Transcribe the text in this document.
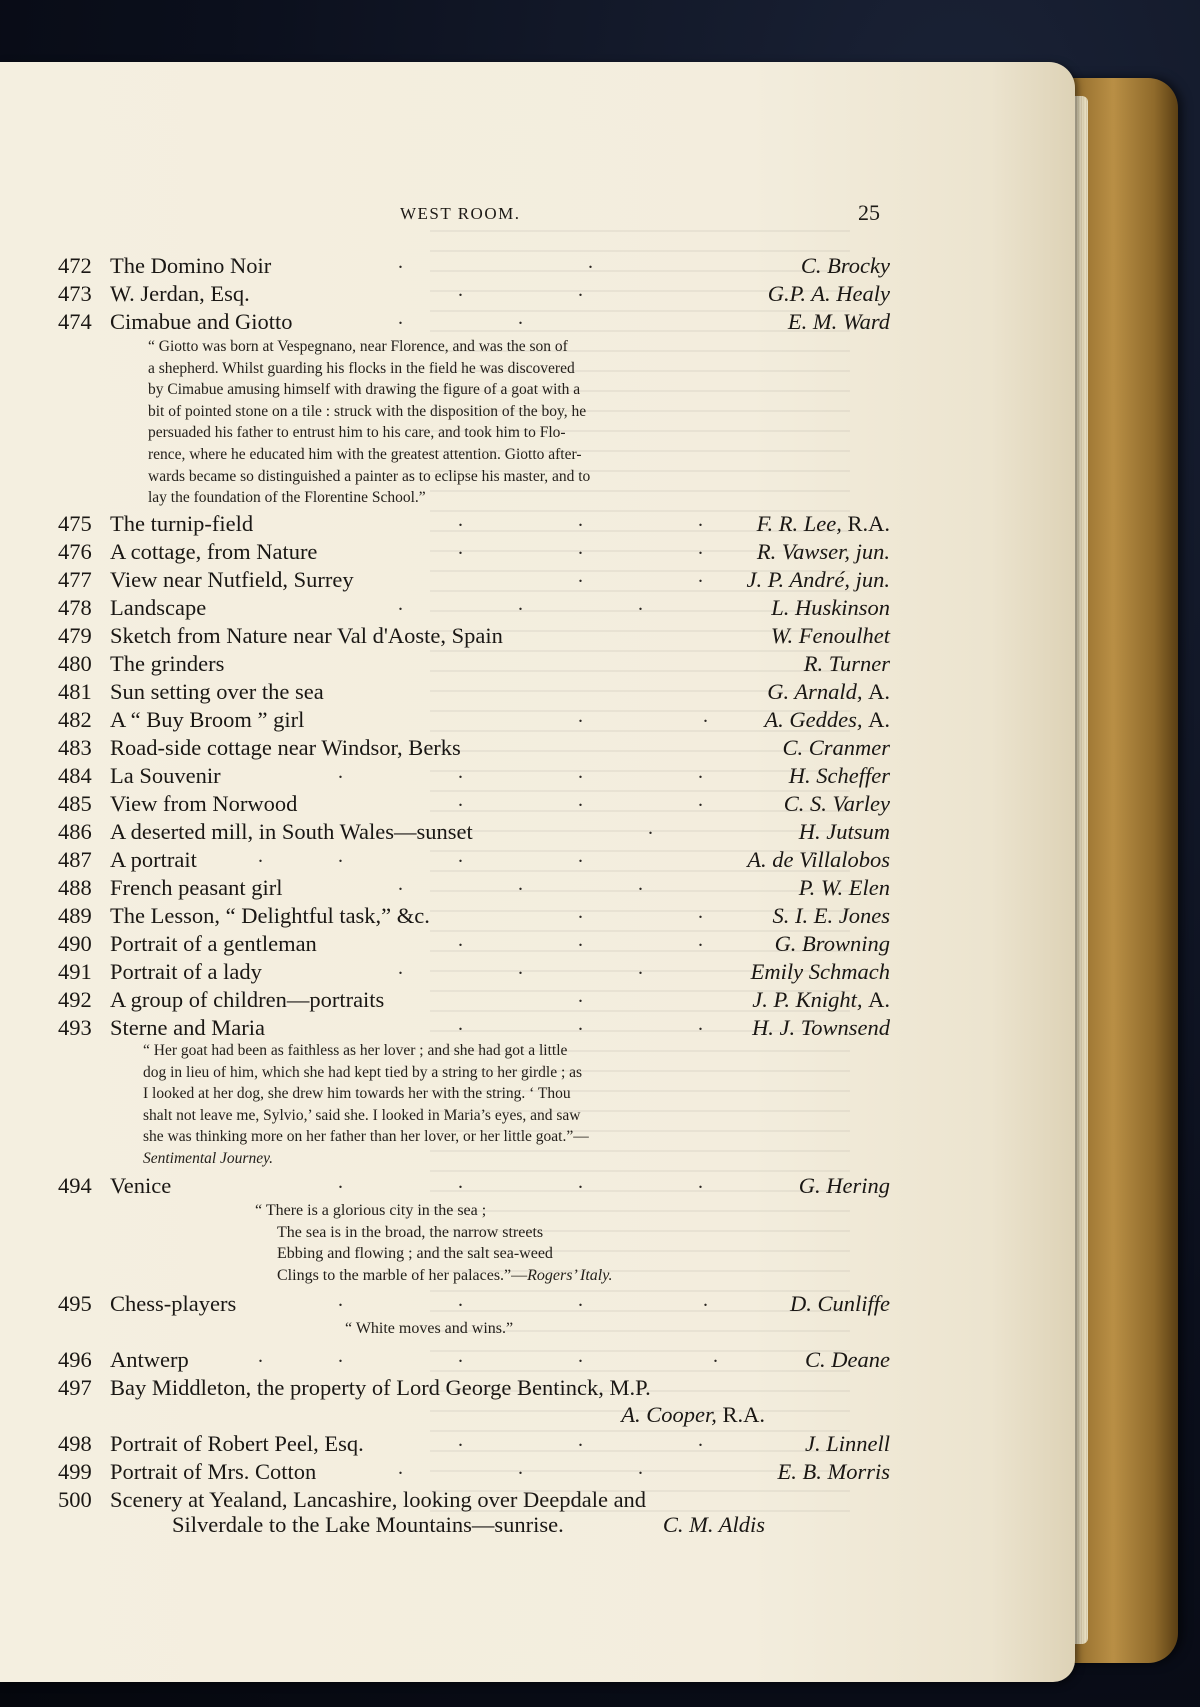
WEST ROOM.	25
472 The Domino Noir	.	.	C. Brocky
473 W. Jerdan, Esq.	.	.	G.P. A. Healy
474 Cimabue and Giotto	.	.	E. M. Ward
“ Giotto was born at Vespegnano, near Florence, and was the son of
a shepherd. Whilst guarding his flocks in the field he was discovered
by Cimabue amusing himself with drawing the figure of a goat with a
bit of pointed stone on a tile : struck with the disposition of the boy, he
persuaded his father to entrust him to his care, and took him to Flo-
rence, where he educated him with the greatest attention. Giotto after-
wards became so distinguished a painter as to eclipse his master, and to
lay the foundation of the Florentine School.”
475 The turnip-field	.	.	. F. R. Lee, R.A.
476 A cottage, from Nature	.	.	. R. Vawser, jun.
477 View near Nutfield, Surrey	.	. J. P. André, jun.
478 Landscape	.	.	.	L. Huskinson
479 Sketch from Nature near Val d'Aoste, Spain	W. Fenoulhet
480 The grinders	R. Turner
481 Sun setting over the sea	G. Arnald, A.
482 A “ Buy Broom ” girl	.	.	A. Geddes, A.
483 Road-side cottage near Windsor, Berks	C. Cranmer
484 La Souvenir	.	.	.	.	H. Scheffer
485 View from Norwood	.	.	.	C. S. Varley
486 A deserted mill, in South Wales—sunset	.	H. Jutsum
487 A portrait	.	.	.	.	A. de Villalobos
488 French peasant girl	.	.	.	P. W. Elen
489 The Lesson, “ Delightful task,” &c.	.	.	S. I. E. Jones
490 Portrait of a gentleman	.	.	.	G. Browning
491 Portrait of a lady	.	.	.	Emily Schmach
492 A group of children—portraits	.	J. P. Knight, A.
493 Sterne and Maria	.	.	. H. J. Townsend
“ Her goat had been as faithless as her lover ; and she had got a little
dog in lieu of him, which she had kept tied by a string to her girdle ; as
I looked at her dog, she drew him towards her with the string. ‘ Thou
shalt not leave me, Sylvio,’ said she. I looked in Maria’s eyes, and saw
she was thinking more on her father than her lover, or her little goat.”—
Sentimental Journey.
494 Venice	.	.	.	.	G. Hering
“ There is a glorious city in the sea ;
The sea is in the broad, the narrow streets
Ebbing and flowing ; and the salt sea-weed
Clings to the marble of her palaces.”—Rogers’ Italy.
495 Chess-players	.	.	.	.	D. Cunliffe
“ White moves and wins.”
496 Antwerp	.	.	.	.	.	C. Deane
497 Bay Middleton, the property of Lord George Bentinck, M.P.
A. Cooper, R.A.
498 Portrait of Robert Peel, Esq.	.	.	.	J. Linnell
499 Portrait of Mrs. Cotton	.	.	.	E. B. Morris
500 Scenery at Yealand, Lancashire, looking over Deepdale and
Silverdale to the Lake Mountains—sunrise.	C. M. Aldis
